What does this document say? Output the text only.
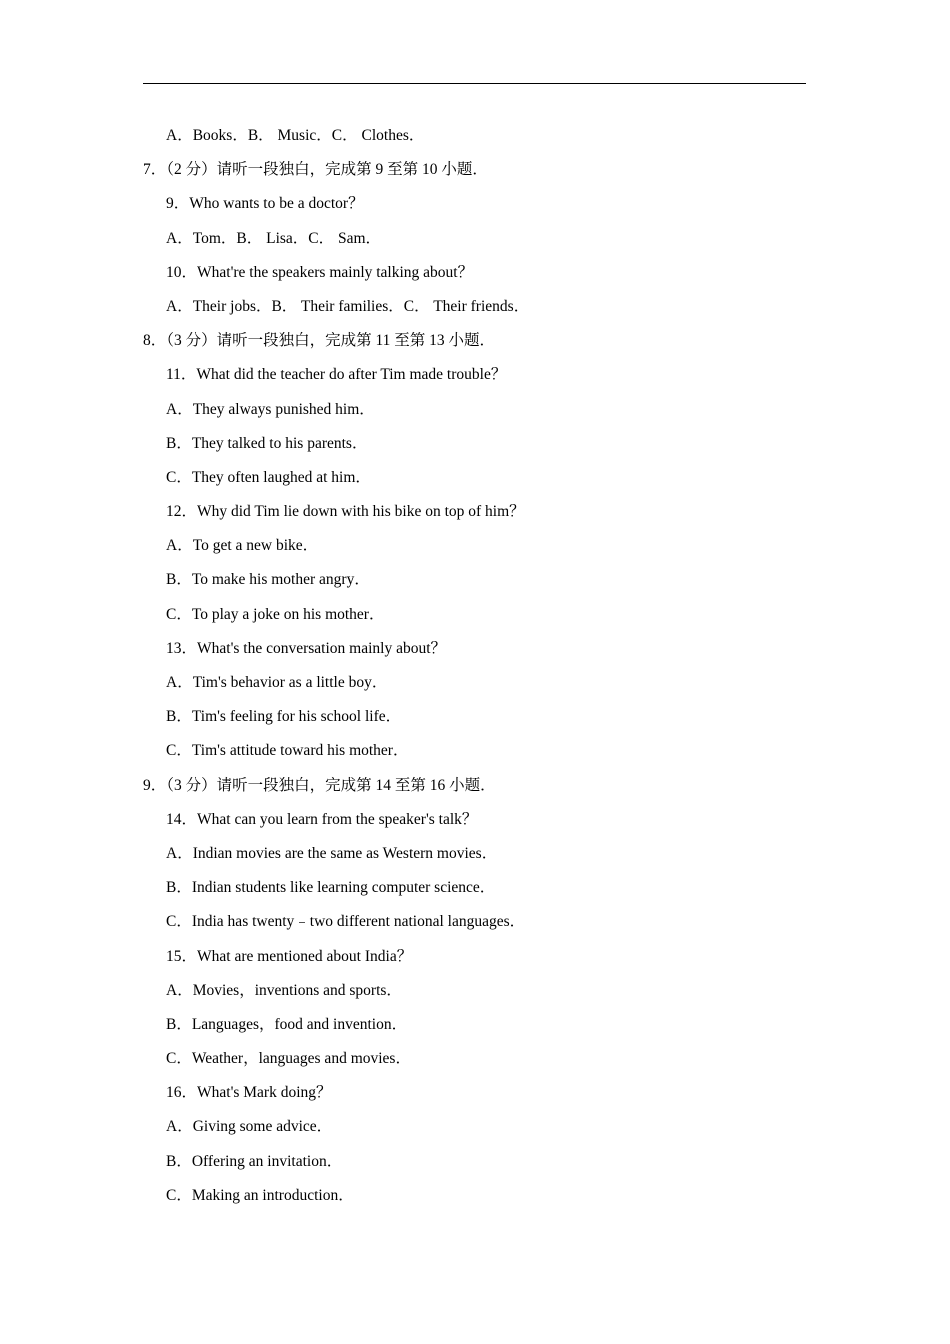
A．Books．B． Music．C． Clothes．
7．（2 分）请听一段独白，完成第 9 至第 10 小题．
9．Who wants to be a doctor？
A．Tom．B． Lisa．C． Sam．
10．What're the speakers mainly talking about？
A．Their jobs．B． Their families．C． Their friends．
8．（3 分）请听一段独白，完成第 11 至第 13 小题．
11．What did the teacher do after Tim made trouble？
A．They always punished him．
B．They talked to his parents．
C．They often laughed at him．
12．Why did Tim lie down with his bike on top of him？
A．To get a new bike．
B．To make his mother angry．
C．To play a joke on his mother．
13．What's the conversation mainly about？
A．Tim's behavior as a little boy．
B．Tim's feeling for his school life．
C．Tim's attitude toward his mother．
9．（3 分）请听一段独白，完成第 14 至第 16 小题．
14．What can you learn from the speaker's talk？
A．Indian movies are the same as Western movies．
B．Indian students like learning computer science．
C．India has twenty﹣two different national languages．
15．What are mentioned about India？
A．Movies，inventions and sports．
B．Languages，food and invention．
C．Weather，languages and movies．
16．What's Mark doing？
A．Giving some advice．
B．Offering an invitation．
C．Making an introduction．
